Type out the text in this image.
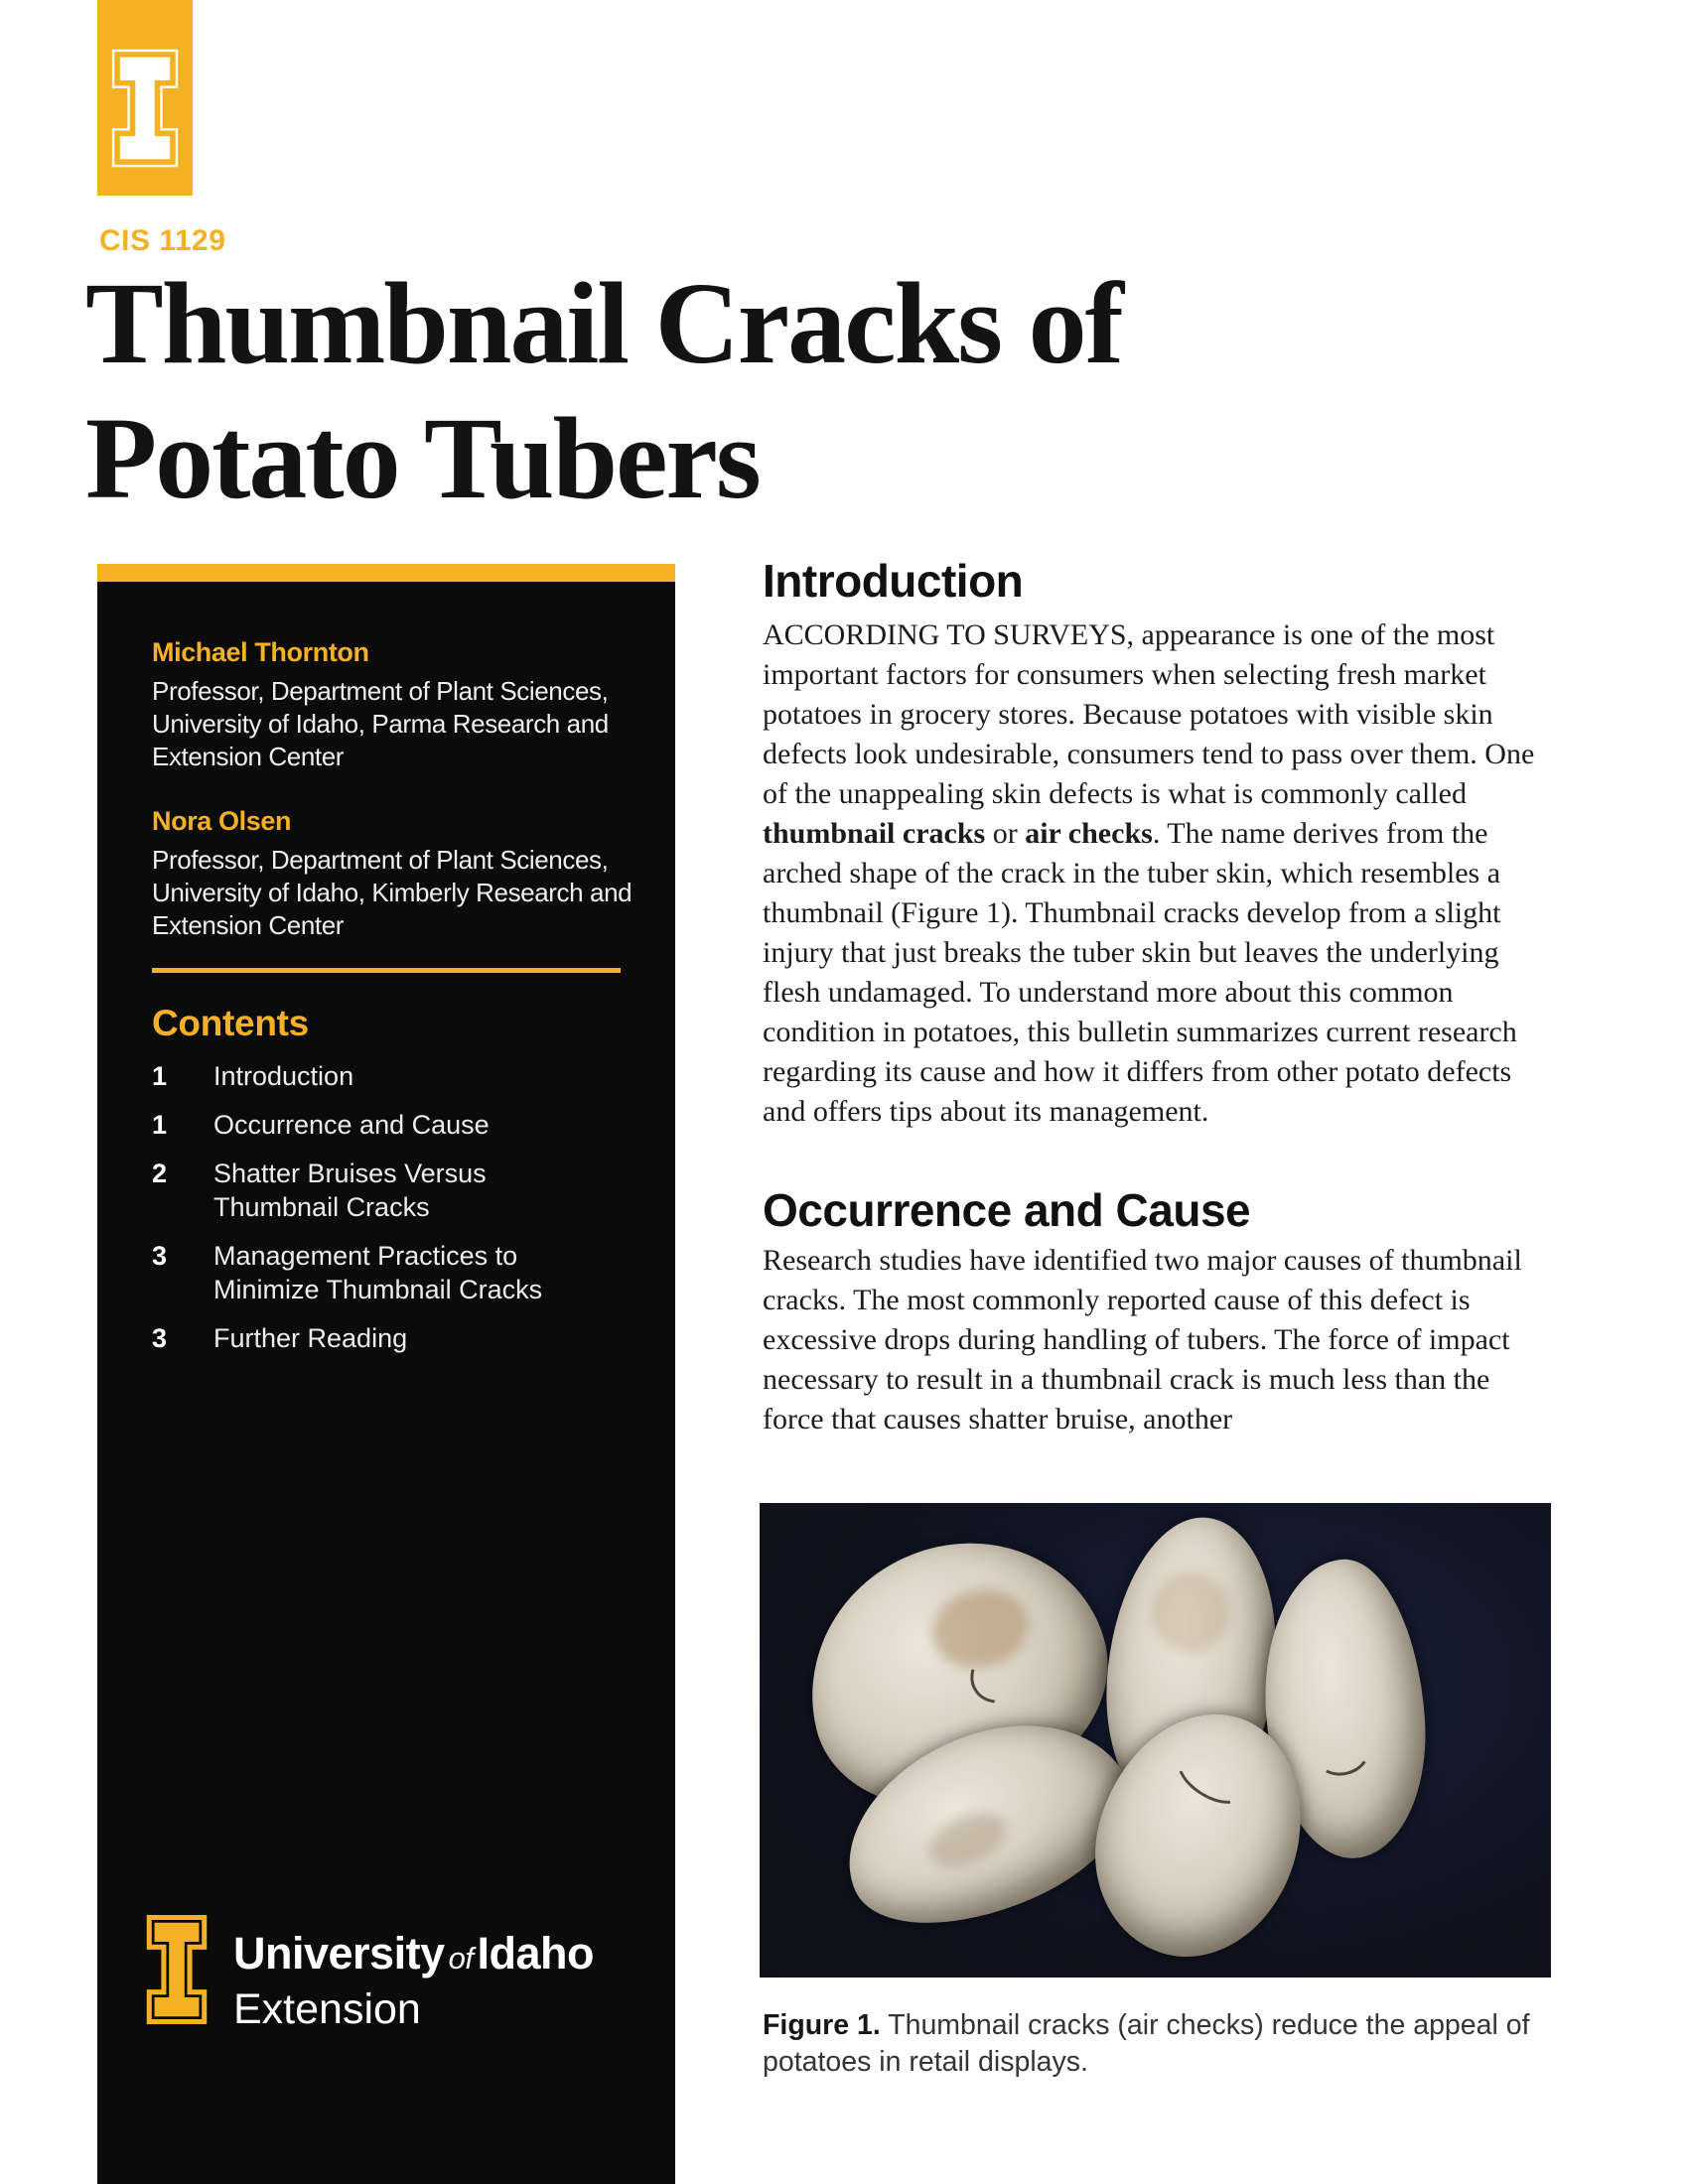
CIS 1129
Thumbnail Cracks of Potato Tubers
Michael Thornton
Professor, Department of Plant Sciences, University of Idaho, Parma Research and Extension Center
Nora Olsen
Professor, Department of Plant Sciences, University of Idaho, Kimberly Research and Extension Center
Contents
1	Introduction
1	Occurrence and Cause
2	Shatter Bruises Versus Thumbnail Cracks
3	Management Practices to Minimize Thumbnail Cracks
3	Further Reading
University ofIdaho
Extension
Introduction

ACCORDING TO SURVEYS, appearance is one of the most important factors for consumers when selecting fresh market potatoes in grocery stores. Because potatoes with visible skin defects look undesirable, consumers tend to pass over them. One of the unappealing skin defects is what is commonly called thumbnail cracks or air checks. The name derives from the arched shape of the crack in the tuber skin, which resembles a thumbnail (Figure 1). Thumbnail cracks develop from a slight injury that just breaks the tuber skin but leaves the underlying flesh undamaged. To understand more about this common condition in potatoes, this bulletin summarizes current research regarding its cause and how it differs from other potato defects and offers tips about its management.

Occurrence and Cause

Research studies have identified two major causes of thumbnail cracks. The most commonly reported cause of this defect is excessive drops during handling of tubers. The force of impact necessary to result in a thumbnail crack is much less than the force that causes shatter bruise, another

Figure 1. Thumbnail cracks (air checks) reduce the appeal of potatoes in retail displays.
